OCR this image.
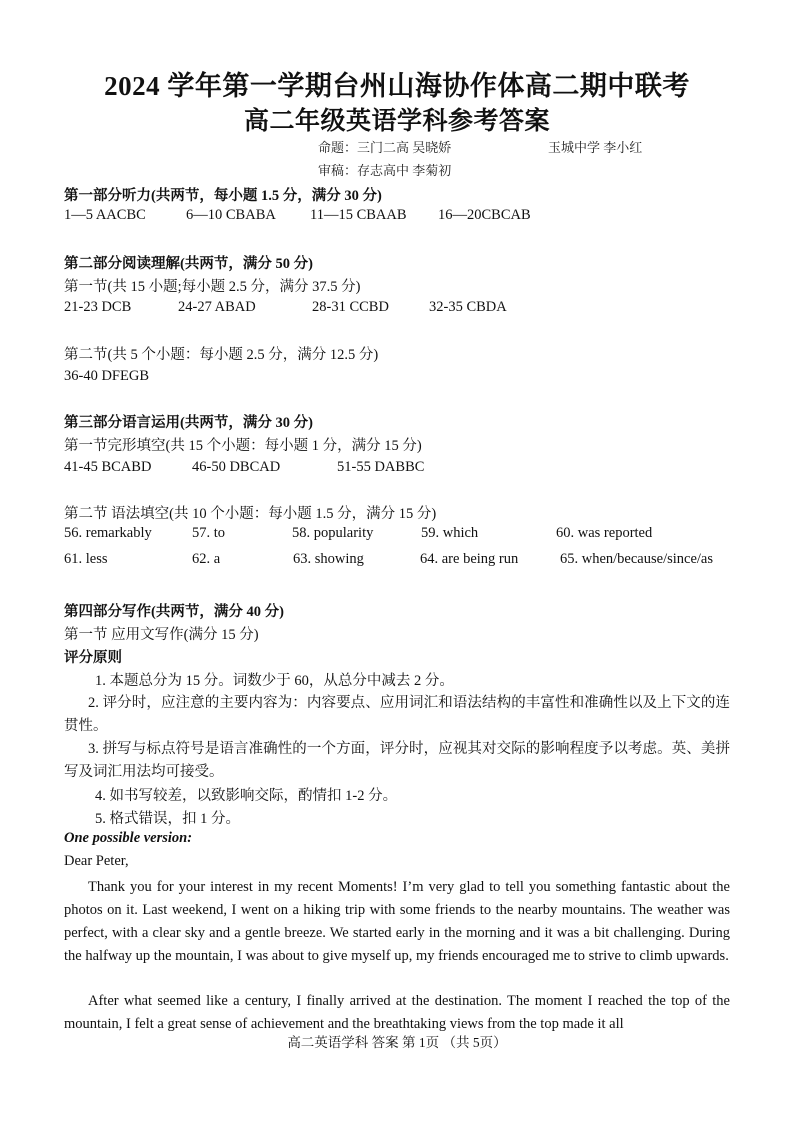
2024 学年第一学期台州山海协作体高二期中联考
高二年级英语学科参考答案
命题：三门二高 吴晓娇	玉城中学 李小红
审稿：存志高中 李菊初
第一部分听力(共两节，每小题 1.5 分，满分 30 分)
1—5 AACBC	6—10 CBABA 11—15 CBAAB 16—20CBCAB
第二部分阅读理解(共两节，满分 50 分)
第一节(共 15 小题;每小题 2.5 分，满分 37.5 分)
21-23 DCB	24-27 ABAD	28-31 CCBD	32-35 CBDA
第二节(共 5 个小题：每小题 2.5 分，满分 12.5 分)
36-40 DFEGB
第三部分语言运用(共两节，满分 30 分)
第一节完形填空(共 15 个小题：每小题 1 分，满分 15 分)
41-45 BCABD	46-50 DBCAD	51-55 DABBC
第二节 语法填空(共 10 个小题：每小题 1.5 分，满分 15 分)
56. remarkably	57. to	58. popularity	59. which	60. was reported
61. less	62. a	63. showing	64. are being run	65. when/because/since/as
第四部分写作(共两节，满分 40 分)
第一节 应用文写作(满分 15 分)
评分原则
1. 本题总分为 15 分。词数少于 60，从总分中减去 2 分。
2. 评分时，应注意的主要内容为：内容要点、应用词汇和语法结构的丰富性和准确性以及上下文的连贯性。
3. 拼写与标点符号是语言准确性的一个方面，评分时，应视其对交际的影响程度予以考虑。英、美拼写及词汇用法均可接受。
4. 如书写较差，以致影响交际，酌情扣 1-2 分。
5. 格式错误，扣 1 分。
One possible version:
Dear Peter,
Thank you for your interest in my recent Moments! I’m very glad to tell you something fantastic about the photos on it. Last weekend, I went on a hiking trip with some friends to the nearby mountains. The weather was perfect, with a clear sky and a gentle breeze. We started early in the morning and it was a bit challenging. During the halfway up the mountain, I was about to give myself up, my friends encouraged me to strive to climb upwards.
After what seemed like a century, I finally arrived at the destination. The moment I reached the top of the mountain, I felt a great sense of achievement and the breathtaking views from the top made it all
高二英语学科 答案 第 1页 （共 5页）
